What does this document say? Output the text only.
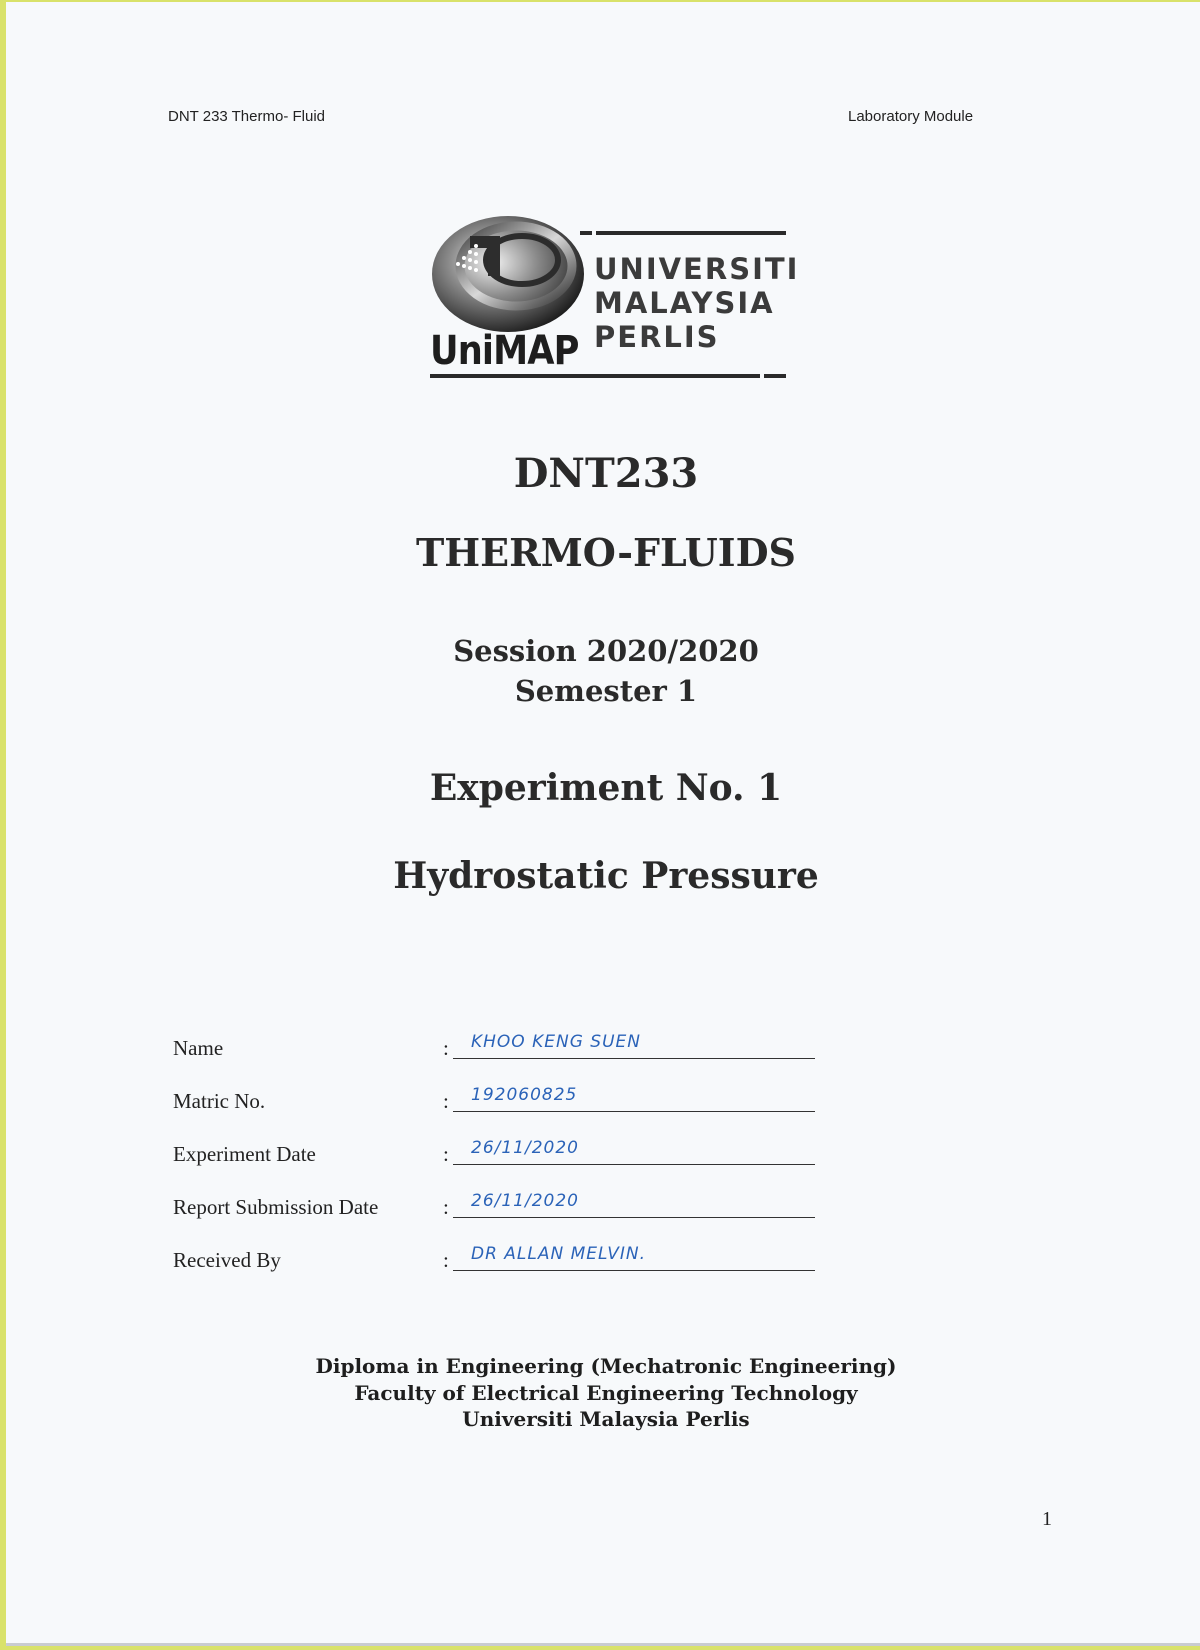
DNT 233 Thermo- Fluid	Laboratory Module
UNIVERSITI
MALAYSIA
PERLIS
UniMAP
DNT233
THERMO-FLUIDS
Session 2020/2020
Semester 1
Experiment No. 1
Hydrostatic Pressure
Name	: KHOO KENG SUEN
Matric No.	: 192060825
Experiment Date	: 26/11/2020
Report Submission Date	: 26/11/2020
Received By	: DR ALLAN MELVIN.
Diploma in Engineering (Mechatronic Engineering)
Faculty of Electrical Engineering Technology
Universiti Malaysia Perlis
1
